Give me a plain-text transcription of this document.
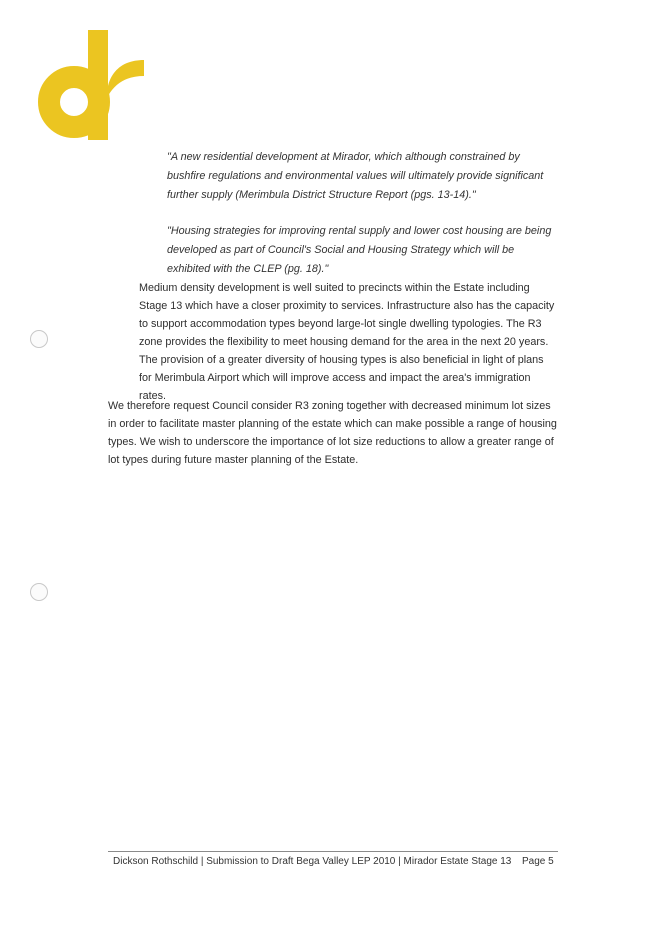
"A new residential development at Mirador, which although constrained by bushfire regulations and environmental values will ultimately provide significant further supply (Merimbula District Structure Report (pgs. 13-14)."

"Housing strategies for improving rental supply and lower cost housing are being developed as part of Council's Social and Housing Strategy which will be exhibited with the CLEP (pg. 18)."

Medium density development is well suited to precincts within the Estate including Stage 13 which have a closer proximity to services. Infrastructure also has the capacity to support accommodation types beyond large-lot single dwelling typologies. The R3 zone provides the flexibility to meet housing demand for the area in the next 20 years. The provision of a greater diversity of housing types is also beneficial in light of plans for Merimbula Airport which will improve access and impact the area's immigration rates.

We therefore request Council consider R3 zoning together with decreased minimum lot sizes in order to facilitate master planning of the estate which can make possible a range of housing types. We wish to underscore the importance of lot size reductions to allow a greater range of lot types during future master planning of the Estate.

Dickson Rothschild | Submission to Draft Bega Valley LEP 2010 | Mirador Estate Stage 13 Page 5
